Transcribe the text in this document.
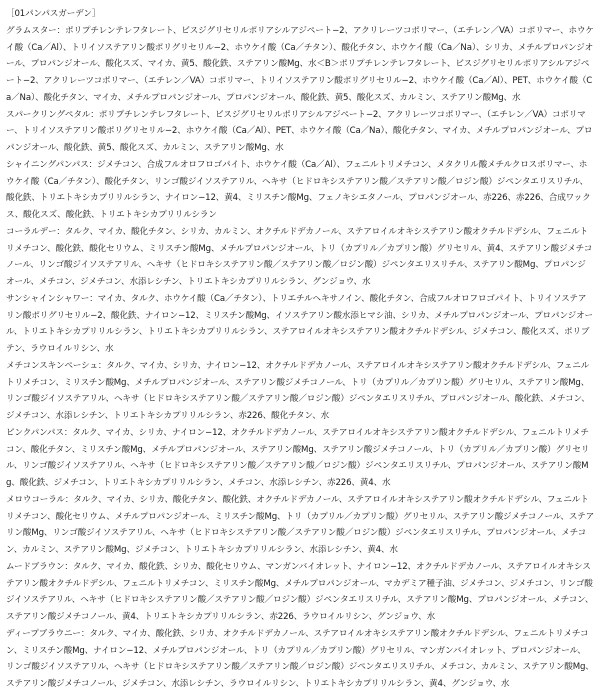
［01パンパスガーデン］

グラムスター：ポリプチレンテレフタレート、ビスジグリセリルポリアシルアジペート−2、アクリレーツコポリマー、（エチレン／VA）コポリマー、ホウケイ酸（Ca／Al）、トリイソステアリン酸ポリグリセリル−2、ホウケイ酸（Ca／チタン）、酸化チタン、ホウケイ酸（Ca／Na）、シリカ、メチルプロパンジオール、プロパンジオール、酸化スズ、マイカ、黄5、酸化鉄、ステアリン酸Mg、水＜B＞ポリプチレンテレフタレート、ビスジグリセリルポリアシルアジペート−2、アクリレーツコポリマー、（エチレン／VA）コポリマー、トリイソステアリン酸ポリグリセリル−2、ホウケイ酸（Ca／Al）、PET、ホウケイ酸（Ca／Na）、酸化チタン、マイカ、メチルプロパンジオール、プロパンジオール、酸化鉄、黄5、酸化スズ、カルミン、ステアリン酸Mg、水

スパークリングペタル：ポリプチレンテレフタレート、ビスジグリセリルポリアシルアジペート−2、アクリレーツコポリマー、（エチレン／VA）コポリマー、トリイソステアリン酸ポリグリセリル−2、ホウケイ酸（Ca／Al）、PET、ホウケイ酸（Ca／Na）、酸化チタン、マイカ、メチルプロパンジオール、プロパンジオール、酸化鉄、黄5、酸化スズ、カルミン、ステアリン酸Mg、水

シャイニングパンパス：ジメチコン、合成フルオロフロゴパイト、ホウケイ酸（Ca／Al）、フェニルトリメチコン、メタクリル酸メチルクロスポリマー、ホウケイ酸（Ca／チタン）、酸化チタン、リンゴ酸ジイソステアリル、ヘキサ（ヒドロキシステアリン酸／ステアリン酸／ロジン酸）ジペンタエリスリチル、酸化鉄、トリエトキシカプリリルシラン、ナイロン−12、黄4、ミリスチン酸Mg、フェノキシエタノール、プロパンジオール、赤226、赤226、合成ワックス、酸化スズ、酸化鉄、トリエトキシカプリリルシラン

コーラルデー：タルク、マイカ、酸化チタン、シリカ、カルミン、オクチルドデカノール、ステアロイルオキシステアリン酸オクチルドデシル、フェニルトリメチコン、酸化鉄、酸化セリウム、ミリスチン酸Mg、メチルプロパンジオール、トリ（カプリル／カプリン酸）グリセリル、黄4、ステアリン酸ジメチコノール、リンゴ酸ジイソステアリル、ヘキサ（ヒドロキシステアリン酸／ステアリン酸／ロジン酸）ジペンタエリスリチル、ステアリン酸Mg、プロパンジオール、メチコン、ジメチコン、水添レシチン、トリエトキシカプリリルシラン、グンジョウ、水

サンシャインシャワー：マイカ、タルク、ホウケイ酸（Ca／チタン）、トリエチルヘキサノイン、酸化チタン、合成フルオロフロゴパイト、トリイソステアリン酸ポリグリセリル−2、酸化鉄、ナイロン−12、ミリスチン酸Mg、イソステアリン酸水添ヒマシ油、シリカ、メチルプロパンジオール、プロパンジオール、トリエトキシカプリリルシラン、トリエトキシカプリリルシラン、ステアロイルオキシステアリン酸オクチルドデシル、ジメチコン、酸化スズ、ポリブテン、ラウロイルリシン、水

メチコンスキンペーシュ：タルク、マイカ、シリカ、ナイロン−12、オクチルドデカノール、ステアロイルオキシステアリン酸オクチルドデシル、フェニルトリメチコン、ミリスチン酸Mg、メチルプロパンジオール、ステアリン酸ジメチコノール、トリ（カプリル／カプリン酸）グリセリル、ステアリン酸Mg、リンゴ酸ジイソステアリル、ヘキサ（ヒドロキシステアリン酸／ステアリン酸／ロジン酸）ジペンタエリスリチル、プロパンジオール、酸化鉄、メチコン、ジメチコン、水添レシチン、トリエトキシカプリリルシラン、赤226、酸化チタン、水

ピンクパンパス：タルク、マイカ、シリカ、ナイロン−12、オクチルドデカノール、ステアロイルオキシステアリン酸オクチルドデシル、フェニルトリメチコン、酸化チタン、ミリスチン酸Mg、メチルプロパンジオール、ステアリン酸Mg、ステアリン酸ジメチコノール、トリ（カプリル／カプリン酸）グリセリル、リンゴ酸ジイソステアリル、ヘキサ（ヒドロキシステアリン酸／ステアリン酸／ロジン酸）ジペンタエリスリチル、プロパンジオール、ステアリン酸Mg、酸化鉄、ジメチコン、トリエトキシカプリリルシラン、メチコン、水添レシチン、赤226、黄4、水

メロウコーラル：タルク、マイカ、シリカ、酸化チタン、酸化鉄、オクチルドデカノール、ステアロイルオキシステアリン酸オクチルドデシル、フェニルトリメチコン、酸化セリウム、メチルプロパンジオール、ミリスチン酸Mg、トリ（カプリル／カプリン酸）グリセリル、ステアリン酸ジメチコノール、ステアリン酸Mg、リンゴ酸ジイソステアリル、ヘキサ（ヒドロキシステアリン酸／ステアリン酸／ロジン酸）ジペンタエリスリチル、プロパンジオール、メチコン、カルミン、ステアリン酸Mg、ジメチコン、トリエトキシカプリリルシラン、水添レシチン、黄4、水

ムードブラウン：タルク、マイカ、酸化鉄、シリカ、酸化セリウム、マンガンバイオレット、ナイロン−12、オクチルドデカノール、ステアロイルオキシステアリン酸オクチルドデシル、フェニルトリメチコン、ミリスチン酸Mg、メチルプロパンジオール、マカデミア種子油、ジメチコン、ジメチコン、リンゴ酸ジイソステアリル、ヘキサ（ヒドロキシステアリン酸／ステアリン酸／ロジン酸）ジペンタエリスリチル、ステアリン酸Mg、プロパンジオール、メチコン、ステアリン酸ジメチコノール、黄4、トリエトキシカプリリルシラン、赤226、ラウロイルリシン、グンジョウ、水

ディープブラウニー：タルク、マイカ、酸化鉄、シリカ、オクチルドデカノール、ステアロイルオキシステアリン酸オクチルドデシル、フェニルトリメチコン、ミリスチン酸Mg、ナイロン−12、メチルプロパンジオール、トリ（カプリル／カプリン酸）グリセリル、マンガンバイオレット、プロパンジオール、リンゴ酸ジイソステアリル、ヘキサ（ヒドロキシステアリン酸／ステアリン酸／ロジン酸）ジペンタエリスリチル、メチコン、カルミン、ステアリン酸Mg、ステアリン酸ジメチコノール、ジメチコン、水添レシチン、ラウロイルリシン、トリエトキシカプリリルシラン、黄4、グンジョウ、水
